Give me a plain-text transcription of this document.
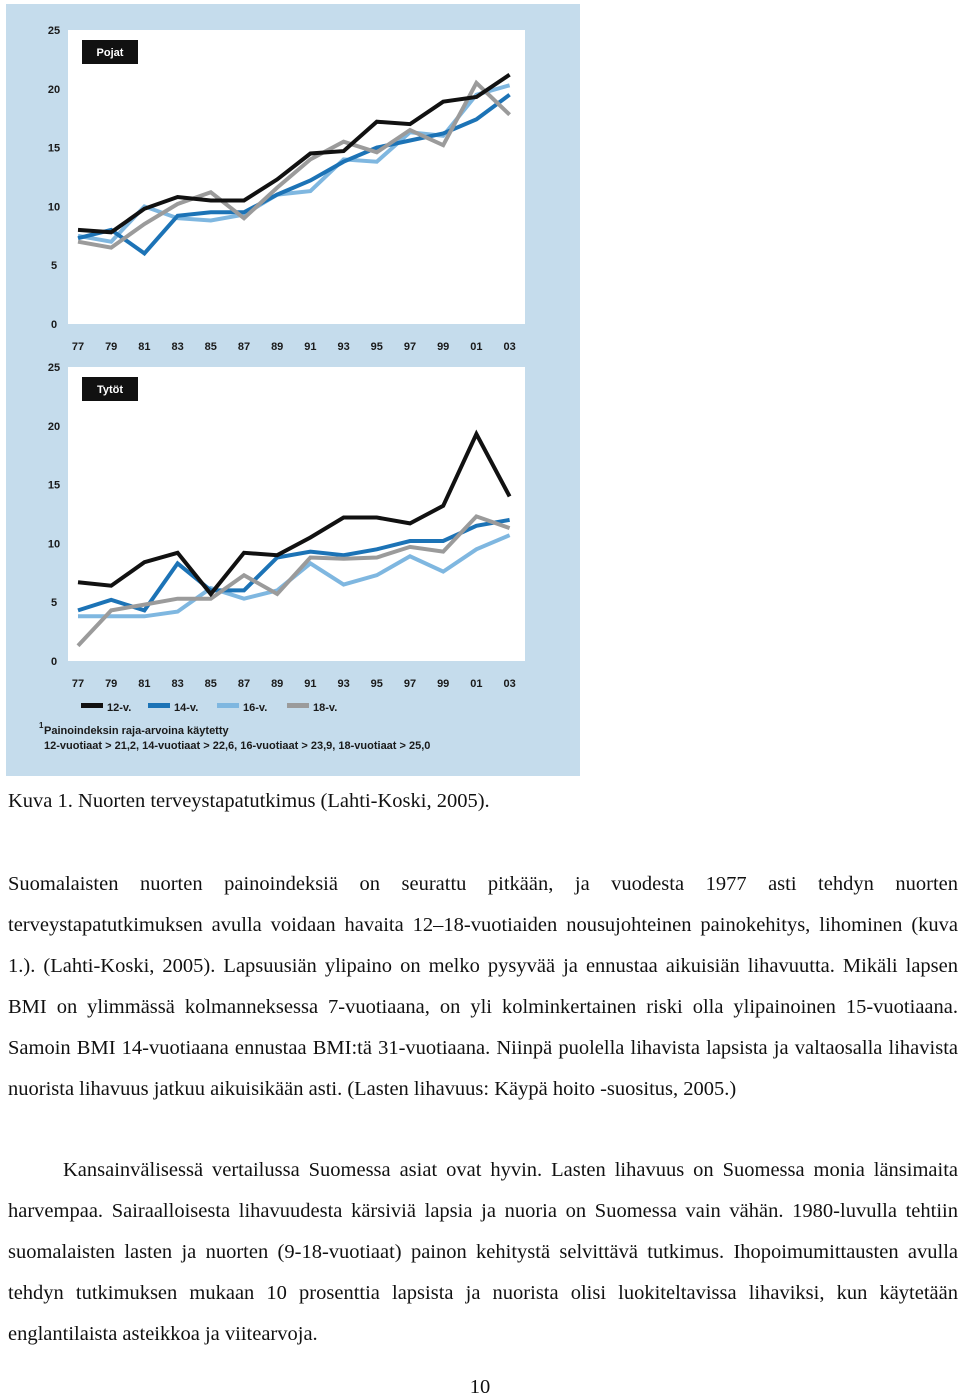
0
5
10
15
20
25
77 79 81 83 85 87 89 91 93 95 97 99 01 03
Pojat
0
5
10
15
20
25
77 79 81 83 85 87 89 91 93 95 97 99 01 03
Tytöt
12-v.	14-v.	16-v.	18-v.
1 Painoindeksin raja-arvoina käytetty
12-vuotiaat > 21,2, 14-vuotiaat > 22,6, 16-vuotiaat > 23,9, 18-vuotiaat > 25,0
Kuva 1. Nuorten terveystapatutkimus (Lahti-Koski, 2005).

Suomalaisten nuorten painoindeksiä on seurattu pitkään, ja vuodesta 1977 asti tehdyn nuorten terveystapatutkimuksen avulla voidaan havaita 12–18-vuotiaiden nousujohteinen painokehitys, lihominen (kuva 1.). (Lahti-Koski, 2005). Lapsuusiän ylipaino on melko pysyvää ja ennustaa aikuisiän lihavuutta. Mikäli lapsen BMI on ylimmässä kolmanneksessa 7-vuotiaana, on yli kolminkertainen riski olla ylipainoinen 15-vuotiaana. Samoin BMI 14-vuotiaana ennustaa BMI:tä 31-vuotiaana. Niinpä puolella lihavista lapsista ja valtaosalla lihavista nuorista lihavuus jatkuu aikuisikään asti. (Lasten lihavuus: Käypä hoito -suositus, 2005.)

Kansainvälisessä vertailussa Suomessa asiat ovat hyvin. Lasten lihavuus on Suomessa monia länsimaita harvempaa. Sairaalloisesta lihavuudesta kärsiviä lapsia ja nuoria on Suomessa vain vähän. 1980-luvulla tehtiin suomalaisten lasten ja nuorten (9-18-vuotiaat) painon kehitystä selvittävä tutkimus. Ihopoimumittausten avulla tehdyn tutkimuksen mukaan 10 prosenttia lapsista ja nuorista olisi luokiteltavissa lihaviksi, kun käytetään englantilaista asteikkoa ja viitearvoja.

10
